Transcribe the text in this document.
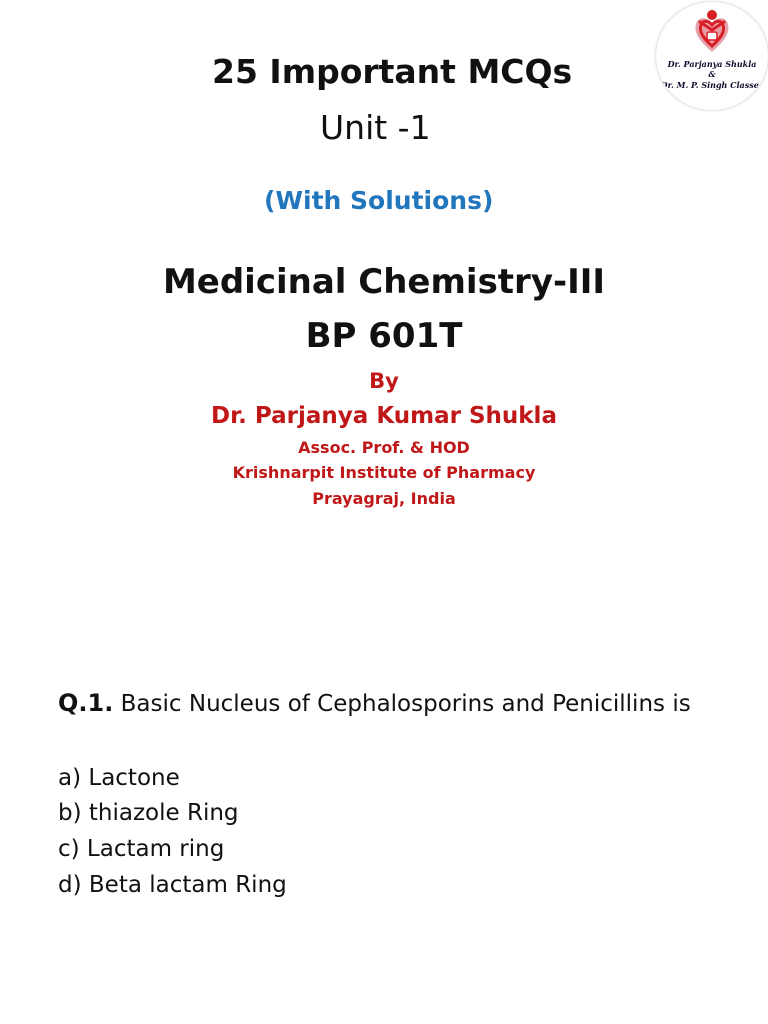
Dr. Parjanya Shukla
&
Dr. M. P. Singh Classes
25 Important MCQs
Unit -1
(With Solutions)
Medicinal Chemistry-III
BP 601T
By
Dr. Parjanya Kumar Shukla
Assoc. Prof. & HOD
Krishnarpit Institute of Pharmacy
Prayagraj, India
Q.1. Basic Nucleus of Cephalosporins and Penicillins is
a) Lactone
b) thiazole Ring
c) Lactam ring
d) Beta lactam Ring
